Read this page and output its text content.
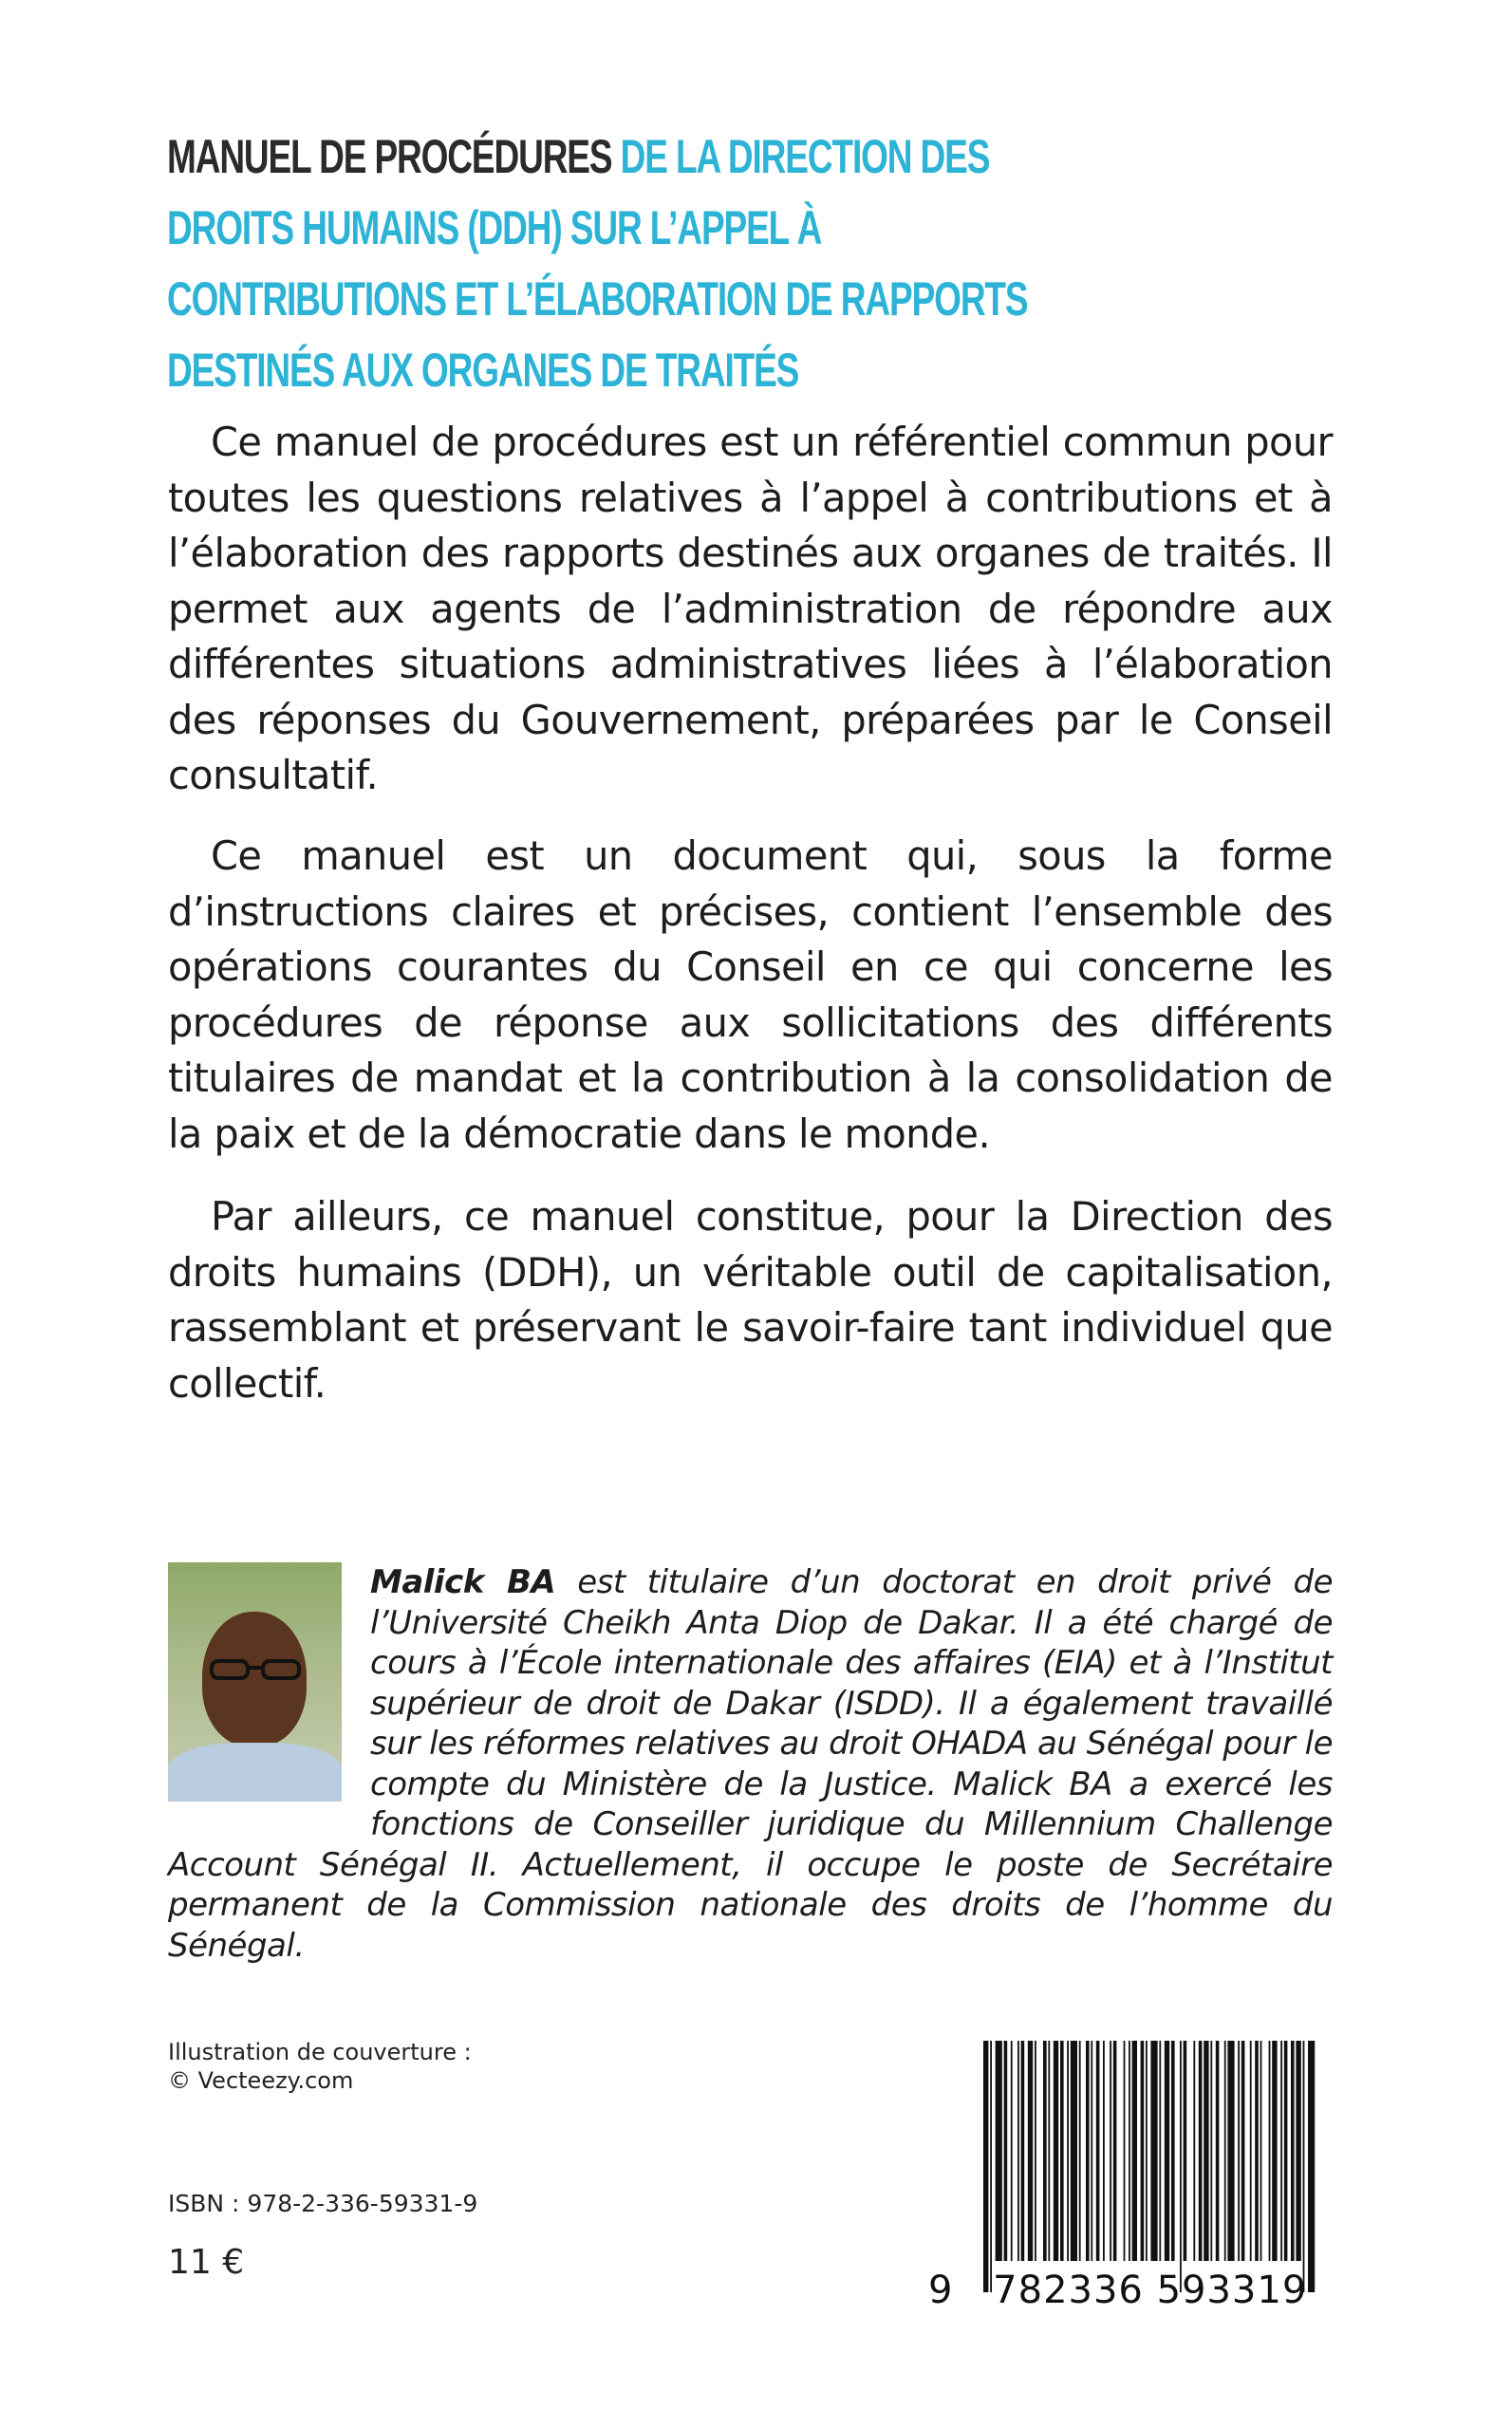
MANUEL DE PROCÉDURES DE LA DIRECTION DES DROITS HUMAINS (DDH) SUR L’APPEL À CONTRIBUTIONS ET L’ÉLABORATION DE RAPPORTS DESTINÉS AUX ORGANES DE TRAITÉS

Ce manuel de procédures est un référentiel commun pour toutes les questions relatives à l’appel à contributions et à l’élaboration des rapports destinés aux organes de traités. Il permet aux agents de l’administration de répondre aux différentes situations administratives liées à l’élaboration des réponses du Gouvernement, préparées par le Conseil consultatif.

Ce manuel est un document qui, sous la forme d’instructions claires et précises, contient l’ensemble des opérations courantes du Conseil en ce qui concerne les procédures de réponse aux sollicitations des différents titulaires de mandat et la contribution à la consolidation de la paix et de la démocratie dans le monde.

Par ailleurs, ce manuel constitue, pour la Direction des droits humains (DDH), un véritable outil de capitalisation, rassemblant et préservant le savoir-faire tant individuel que collectif.

Malick BA est titulaire d’un doctorat en droit privé de l’Université Cheikh Anta Diop de Dakar. Il a été chargé de cours à l’École internationale des affaires (EIA) et à l’Institut supérieur de droit de Dakar (ISDD). Il a également travaillé sur les réformes relatives au droit OHADA au Sénégal pour le compte du Ministère de la Justice. Malick BA a exercé les fonctions de Conseiller juridique du Millennium Challenge Account Sénégal II. Actuellement, il occupe le poste de Secrétaire permanent de la Commission nationale des droits de l’homme du Sénégal.
Illustration de couverture :
© Vecteezy.com
ISBN : 978-2-336-59331-9
11 €
9 782336 593319
